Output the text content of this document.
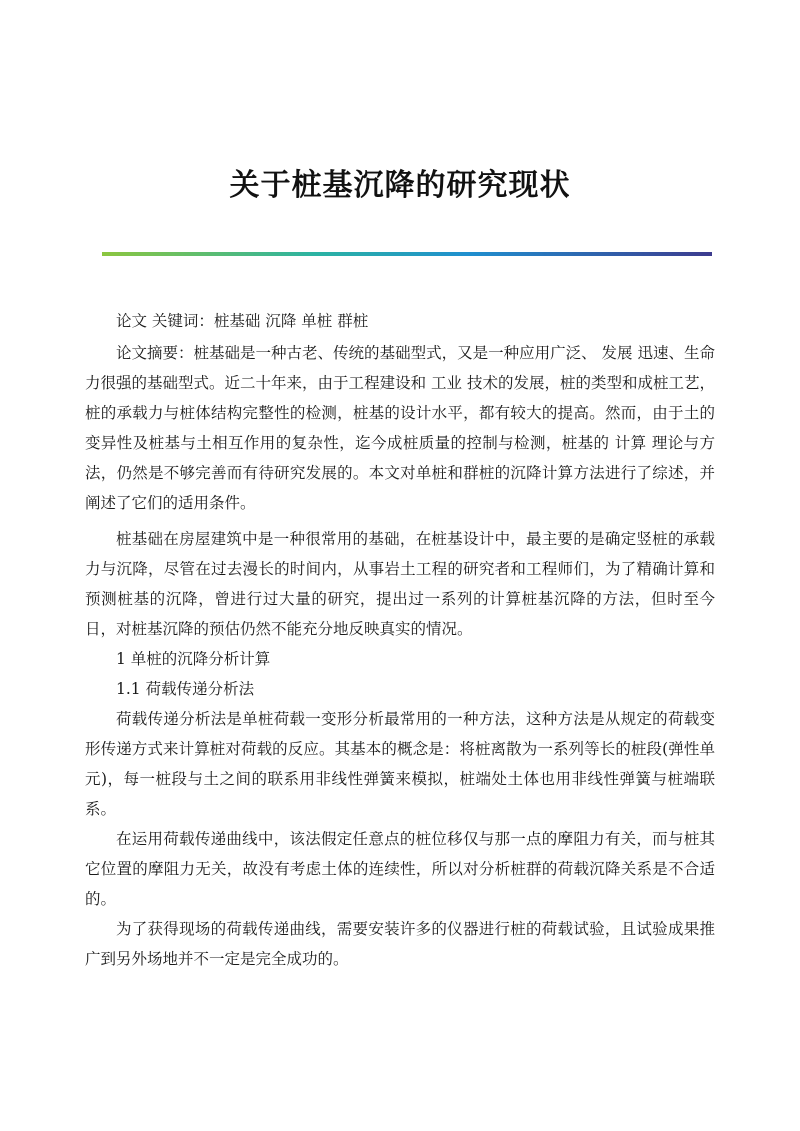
关于桩基沉降的研究现状

论文 关键词：桩基础 沉降 单桩 群桩

论文摘要：桩基础是一种古老、传统的基础型式，又是一种应用广泛、 发展 迅速、生命力很强的基础型式。近二十年来，由于工程建设和 工业 技术的发展，桩的类型和成桩工艺，桩的承载力与桩体结构完整性的检测，桩基的设计水平，都有较大的提高。然而，由于土的变异性及桩基与土相互作用的复杂性，迄今成桩质量的控制与检测，桩基的 计算 理论与方法，仍然是不够完善而有待研究发展的。本文对单桩和群桩的沉降计算方法进行了综述，并阐述了它们的适用条件。

桩基础在房屋建筑中是一种很常用的基础，在桩基设计中，最主要的是确定竖桩的承载力与沉降，尽管在过去漫长的时间内，从事岩土工程的研究者和工程师们，为了精确计算和预测桩基的沉降，曾进行过大量的研究，提出过一系列的计算桩基沉降的方法，但时至今日，对桩基沉降的预估仍然不能充分地反映真实的情况。

1 单桩的沉降分析计算

1.1 荷载传递分析法

荷载传递分析法是单桩荷载一变形分析最常用的一种方法，这种方法是从规定的荷载变形传递方式来计算桩对荷载的反应。其基本的概念是：将桩离散为一系列等长的桩段(弹性单元)，每一桩段与土之间的联系用非线性弹簧来模拟，桩端处土体也用非线性弹簧与桩端联系。

在运用荷载传递曲线中，该法假定任意点的桩位移仅与那一点的摩阻力有关，而与桩其它位置的摩阻力无关，故没有考虑土体的连续性，所以对分析桩群的荷载沉降关系是不合适的。

为了获得现场的荷载传递曲线，需要安装许多的仪器进行桩的荷载试验，且试验成果推广到另外场地并不一定是完全成功的。
